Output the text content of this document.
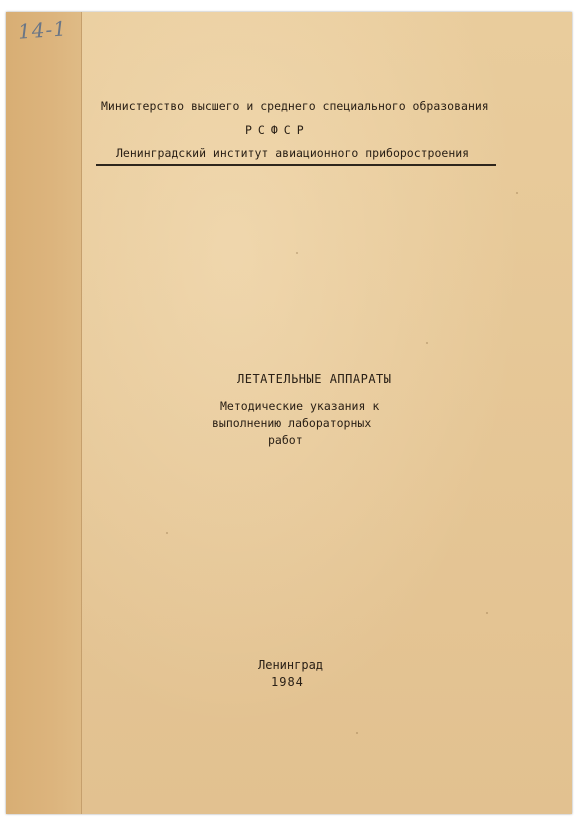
14-1
Министерство высшего и среднего специального образования
РСФСР
Ленинградский институт авиационного приборостроения
ЛЕТАТЕЛЬНЫЕ АППАРАТЫ
Методические указания к
выполнению лабораторных
работ
Ленинград
1984
